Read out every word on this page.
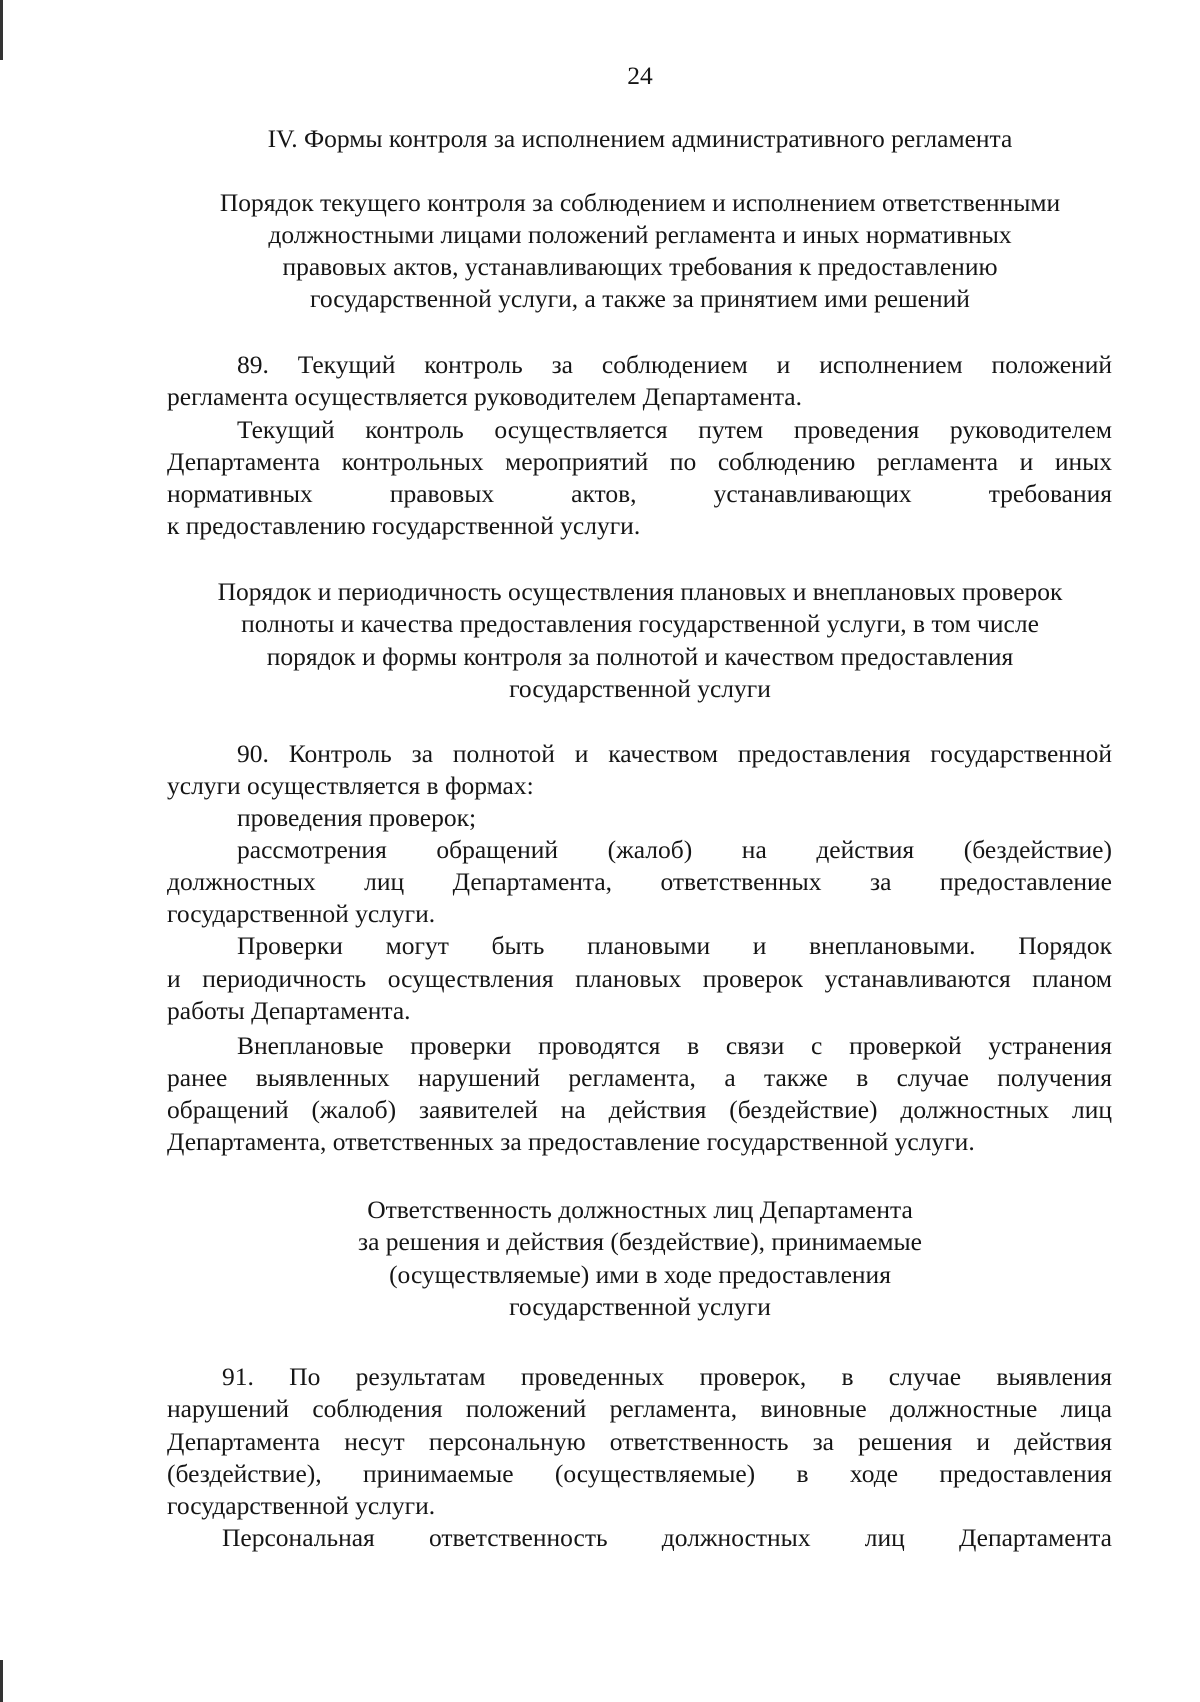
24

IV. Формы контроля за исполнением административного регламента

Порядок текущего контроля за соблюдением и исполнением ответственными

должностными лицами положений регламента и иных нормативных

правовых актов, устанавливающих требования к предоставлению

государственной услуги, а также за принятием ими решений

89. Текущий контроль за соблюдением и исполнением положений

регламента осуществляется руководителем Департамента.

Текущий контроль осуществляется путем проведения руководителем

Департамента контрольных мероприятий по соблюдению регламента и иных

нормативных правовых актов, устанавливающих требования

к предоставлению государственной услуги.

Порядок и периодичность осуществления плановых и внеплановых проверок

полноты и качества предоставления государственной услуги, в том числе

порядок и формы контроля за полнотой и качеством предоставления

государственной услуги

90. Контроль за полнотой и качеством предоставления государственной

услуги осуществляется в формах:

проведения проверок;

рассмотрения обращений (жалоб) на действия (бездействие)

должностных лиц Департамента, ответственных за предоставление

государственной услуги.

Проверки могут быть плановыми и внеплановыми. Порядок

и периодичность осуществления плановых проверок устанавливаются планом

работы Департамента.

Внеплановые проверки проводятся в связи с проверкой устранения

ранее выявленных нарушений регламента, а также в случае получения

обращений (жалоб) заявителей на действия (бездействие) должностных лиц

Департамента, ответственных за предоставление государственной услуги.

Ответственность должностных лиц Департамента

за решения и действия (бездействие), принимаемые

(осуществляемые) ими в ходе предоставления

государственной услуги

91. По результатам проведенных проверок, в случае выявления

нарушений соблюдения положений регламента, виновные должностные лица

Департамента несут персональную ответственность за решения и действия

(бездействие), принимаемые (осуществляемые) в ходе предоставления

государственной услуги.

Персональная ответственность должностных лиц Департамента
